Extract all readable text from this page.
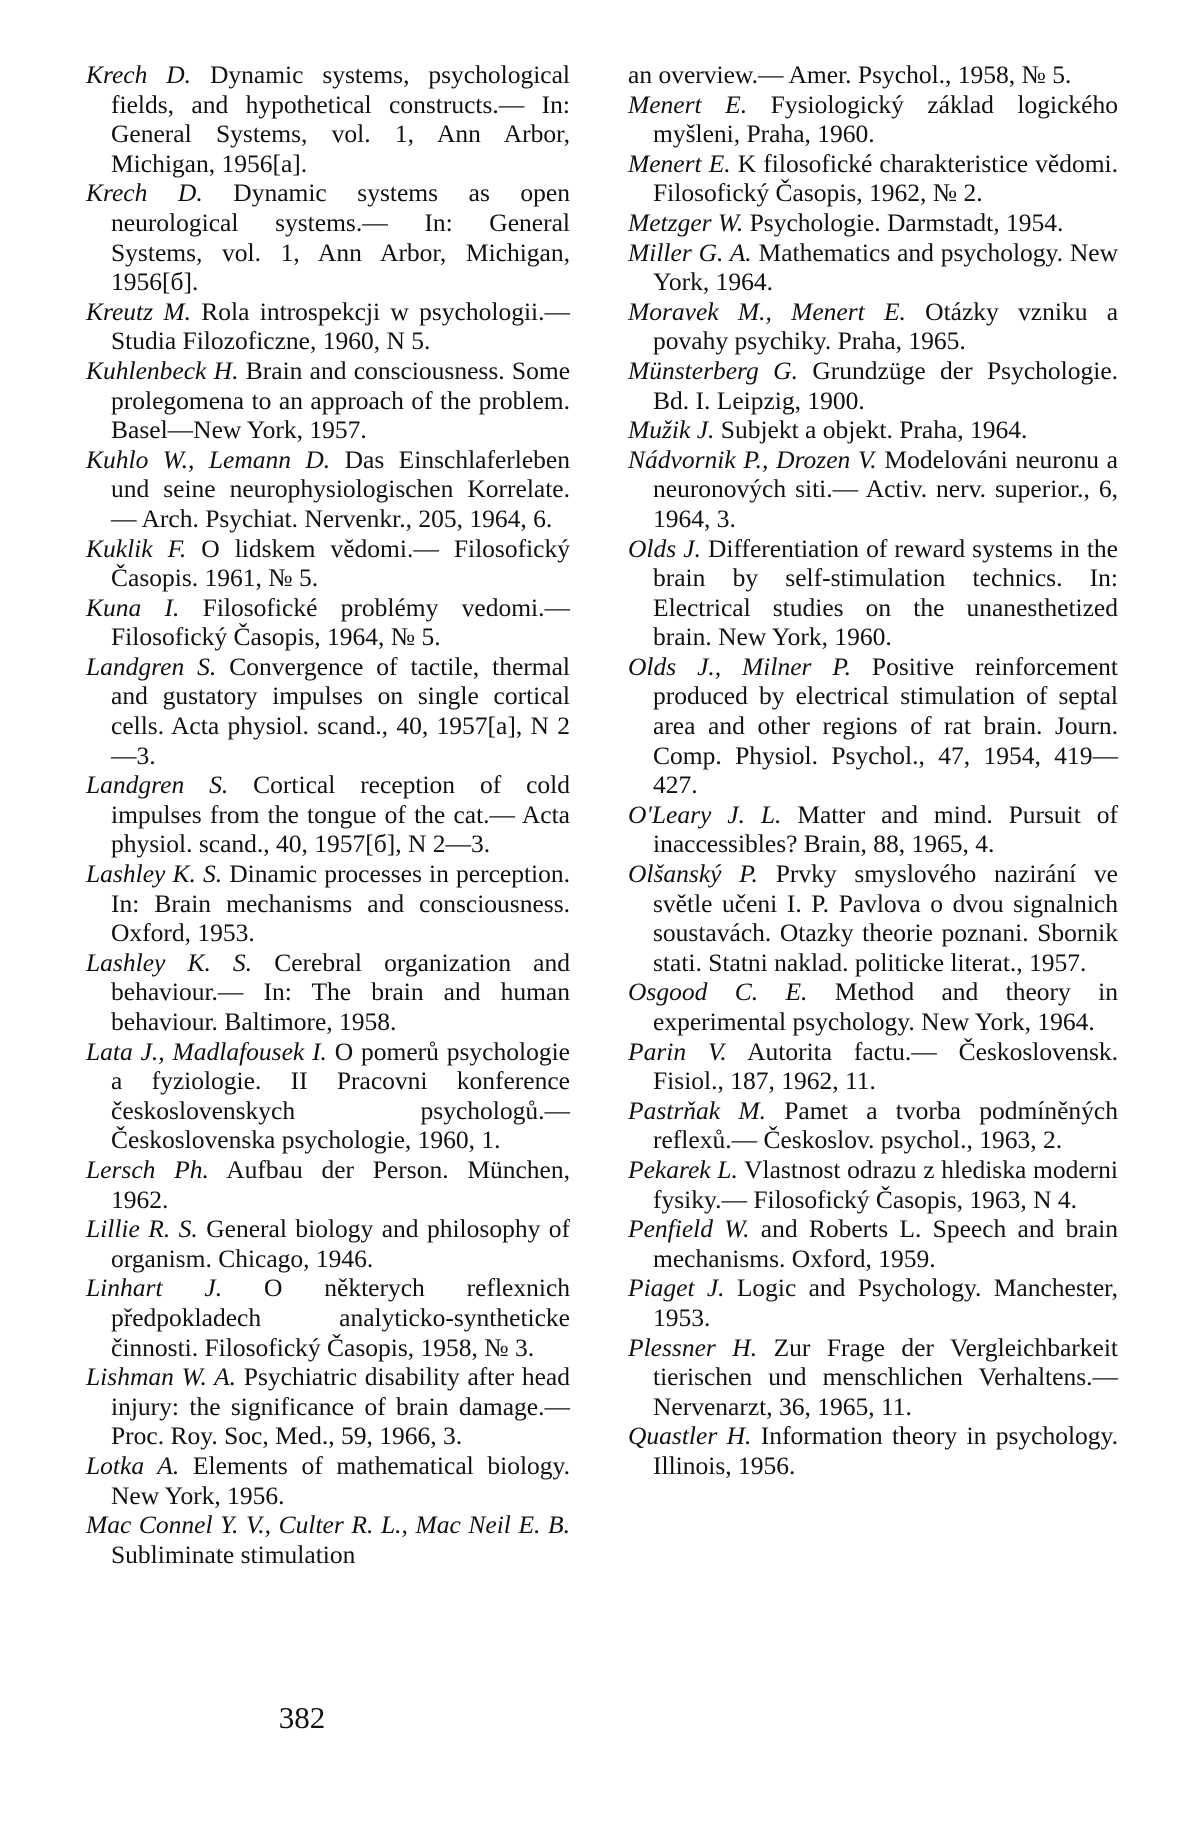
Krech D. Dynamic systems, psychological fields, and hypothetical constructs.— In: General Systems, vol. 1, Ann Arbor, Michigan, 1956[a].

Krech D. Dynamic systems as open neurological systems.— In: General Systems, vol. 1, Ann Arbor, Michigan, 1956[б].

Kreutz M. Rola introspekcji w psychologii.— Studia Filozoficzne, 1960, N 5.

Kuhlenbeck H. Brain and consciousness. Some prolegomena to an approach of the problem. Basel—New York, 1957.

Kuhlo W., Lemann D. Das Einschlaferleben und seine neurophysiologischen Korrelate.— Arch. Psychiat. Nervenkr., 205, 1964, 6.

Kuklik F. O lidskem vědomi.— Filosofický Časopis. 1961, № 5.

Kuna I. Filosofické problémy vedomi.— Filosofický Časopis, 1964, № 5.

Landgren S. Convergence of tactile, thermal and gustatory impulses on single cortical cells. Acta physiol. scand., 40, 1957[a], N 2—3.

Landgren S. Cortical reception of cold impulses from the tongue of the cat.— Acta physiol. scand., 40, 1957[б], N 2—3.

Lashley K. S. Dinamic processes in perception. In: Brain mechanisms and consciousness. Oxford, 1953.

Lashley K. S. Cerebral organization and behaviour.— In: The brain and human behaviour. Baltimore, 1958.

Lata J., Madlafousek I. O pomerů psychologie a fyziologie. II Pracovni konference československych psychologů.— Československa psychologie, 1960, 1.

Lersch Ph. Aufbau der Person. München, 1962.

Lillie R. S. General biology and philosophy of organism. Chicago, 1946.

Linhart J. O některych reflexnich předpokladech analyticko-syntheticke činnosti. Filosofický Časopis, 1958, № 3.

Lishman W. A. Psychiatric disability after head injury: the significance of brain damage.— Proc. Roy. Soc, Med., 59, 1966, 3.

Lotka A. Elements of mathematical biology. New York, 1956.

Mac Connel Y. V., Culter R. L., Mac Neil E. B. Subliminate stimulation

an overview.— Amer. Psychol., 1958, № 5.

Menert E. Fysiologický základ logického myšleni, Praha, 1960.

Menert E. K filosofické charakteristice vědomi. Filosofický Časopis, 1962, № 2.

Metzger W. Psychologie. Darmstadt, 1954.

Miller G. A. Mathematics and psychology. New York, 1964.

Moravek M., Menert E. Otázky vzniku a povahy psychiky. Praha, 1965.

Münsterberg G. Grundzüge der Psychologie. Bd. I. Leipzig, 1900.

Mužik J. Subjekt a objekt. Praha, 1964.

Nádvornik P., Drozen V. Modelováni neuronu a neuronových siti.— Activ. nerv. superior., 6, 1964, 3.

Olds J. Differentiation of reward systems in the brain by self-stimulation technics. In: Electrical studies on the unanesthetized brain. New York, 1960.

Olds J., Milner P. Positive reinforcement produced by electrical stimulation of septal area and other regions of rat brain. Journ. Comp. Physiol. Psychol., 47, 1954, 419—427.

O'Leary J. L. Matter and mind. Pursuit of inaccessibles? Brain, 88, 1965, 4.

Olšanský P. Prvky smyslového nazirání ve světle učeni I. P. Pavlova o dvou signalnich soustavách. Otazky theorie poznani. Sbornik stati. Statni naklad. politicke literat., 1957.

Osgood C. E. Method and theory in experimental psychology. New York, 1964.

Parin V. Autorita factu.— Československ. Fisiol., 187, 1962, 11.

Pastrňak M. Pamet a tvorba podmíněných reflexů.— Českoslov. psychol., 1963, 2.

Pekarek L. Vlastnost odrazu z hlediska moderni fysiky.— Filosofický Časopis, 1963, N 4.

Penfield W. and Roberts L. Speech and brain mechanisms. Oxford, 1959.

Piaget J. Logic and Psychology. Manchester, 1953.

Plessner H. Zur Frage der Vergleichbarkeit tierischen und menschlichen Verhaltens.— Nervenarzt, 36, 1965, 11.

Quastler H. Information theory in psychology. Illinois, 1956.

382
